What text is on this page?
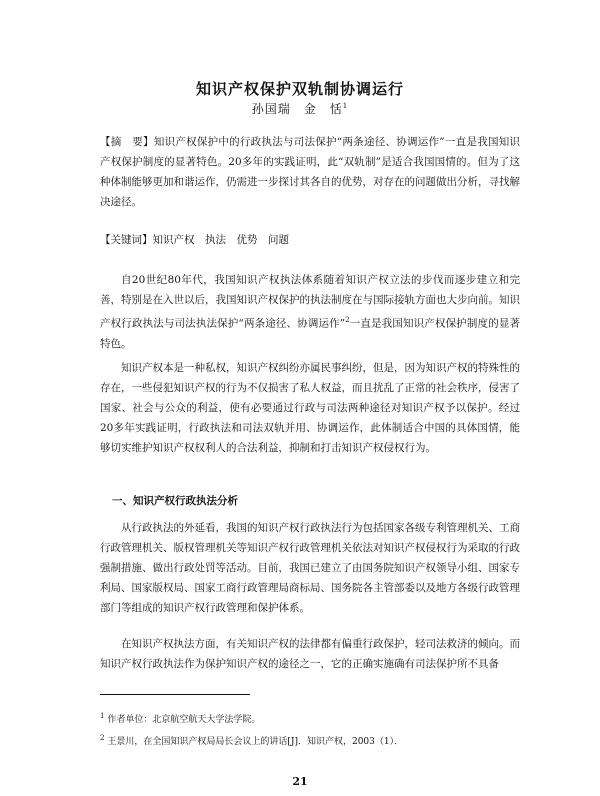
知识产权保护双轨制协调运行
孙国瑞　金　恬$^1$
【摘　要】知识产权保护中的行政执法与司法保护“两条途径、协调运作”一直是我国知识产权保护制度的显著特色。20多年的实践证明，此“双轨制”是适合我国国情的。但为了这种体制能够更加和谐运作，仍需进一步探讨其各自的优势，对存在的问题做出分析，寻找解决途径。
【关键词】知识产权　执法　优势　问题
自20世纪80年代，我国知识产权执法体系随着知识产权立法的步伐而逐步建立和完善，特别是在入世以后，我国知识产权保护的执法制度在与国际接轨方面也大步向前。知识产权行政执法与司法执法保护“两条途径、协调运作”$^2$一直是我国知识产权保护制度的显著特色。
知识产权本是一种私权，知识产权纠纷亦属民事纠纷，但是，因为知识产权的特殊性的存在，一些侵犯知识产权的行为不仅损害了私人权益，而且扰乱了正常的社会秩序，侵害了国家、社会与公众的利益，使有必要通过行政与司法两种途径对知识产权予以保护。经过20多年实践证明，行政执法和司法双轨并用、协调运作，此体制适合中国的具体国情，能够切实维护知识产权权利人的合法利益，抑制和打击知识产权侵权行为。
一、知识产权行政执法分析
从行政执法的外延看，我国的知识产权行政执法行为包括国家各级专利管理机关、工商行政管理机关、版权管理机关等知识产权行政管理机关依法对知识产权侵权行为采取的行政强制措施、做出行政处罚等活动。目前，我国已建立了由国务院知识产权领导小组、国家专利局、国家版权局、国家工商行政管理局商标局、国务院各主管部委以及地方各级行政管理部门等组成的知识产权行政管理和保护体系。
在知识产权执法方面，有关知识产权的法律都有偏重行政保护，轻司法救济的倾向。而知识产权行政执法作为保护知识产权的途径之一，它的正确实施确有司法保护所不具备
$^1$ 作者单位：北京航空航天大学法学院。
$^2$ 王景川，在全国知识产权局局长会议上的讲话[J]．知识产权，2003（1）．
21
